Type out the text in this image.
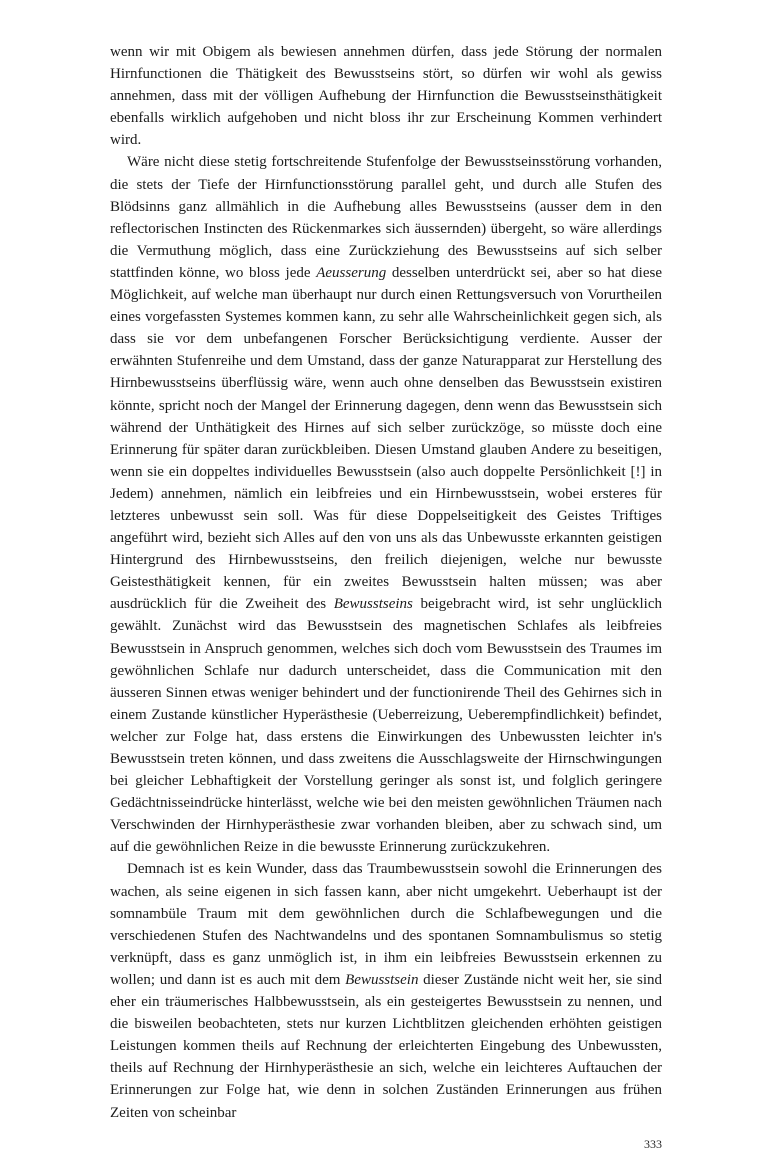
wenn wir mit Obigem als bewiesen annehmen dürfen, dass jede Störung der normalen Hirnfunctionen die Thätigkeit des Bewusstseins stört, so dürfen wir wohl als gewiss annehmen, dass mit der völligen Aufhebung der Hirnfunction die Bewusstseinsthätigkeit ebenfalls wirklich aufgehoben und nicht bloss ihr zur Erscheinung Kommen verhindert wird.

Wäre nicht diese stetig fortschreitende Stufenfolge der Bewusstseinsstörung vorhanden, die stets der Tiefe der Hirnfunctionsstörung parallel geht, und durch alle Stufen des Blödsinns ganz allmählich in die Aufhebung alles Bewusstseins (ausser dem in den reflectorischen Instincten des Rückenmarkes sich äussernden) übergeht, so wäre allerdings die Vermuthung möglich, dass eine Zurückziehung des Bewusstseins auf sich selber stattfinden könne, wo bloss jede Aeusserung desselben unterdrückt sei, aber so hat diese Möglichkeit, auf welche man überhaupt nur durch einen Rettungsversuch von Vorurtheilen eines vorgefassten Systemes kommen kann, zu sehr alle Wahrscheinlichkeit gegen sich, als dass sie vor dem unbefangenen Forscher Berücksichtigung verdiente. Ausser der erwähnten Stufenreihe und dem Umstand, dass der ganze Naturapparat zur Herstellung des Hirnbewusstseins überflüssig wäre, wenn auch ohne denselben das Bewusstsein existiren könnte, spricht noch der Mangel der Erinnerung dagegen, denn wenn das Bewusstsein sich während der Unthätigkeit des Hirnes auf sich selber zurückzöge, so müsste doch eine Erinnerung für später daran zurückbleiben. Diesen Umstand glauben Andere zu beseitigen, wenn sie ein doppeltes individuelles Bewusstsein (also auch doppelte Persönlichkeit [!] in Jedem) annehmen, nämlich ein leibfreies und ein Hirnbewusstsein, wobei ersteres für letzteres unbewusst sein soll. Was für diese Doppelseitigkeit des Geistes Triftiges angeführt wird, bezieht sich Alles auf den von uns als das Unbewusste erkannten geistigen Hintergrund des Hirnbewusstseins, den freilich diejenigen, welche nur bewusste Geistesthätigkeit kennen, für ein zweites Bewusstsein halten müssen; was aber ausdrücklich für die Zweiheit des Bewusstseins beigebracht wird, ist sehr unglücklich gewählt. Zunächst wird das Bewusstsein des magnetischen Schlafes als leibfreies Bewusstsein in Anspruch genommen, welches sich doch vom Bewusstsein des Traumes im gewöhnlichen Schlafe nur dadurch unterscheidet, dass die Communication mit den äusseren Sinnen etwas weniger behindert und der functionirende Theil des Gehirnes sich in einem Zustande künstlicher Hyperästhesie (Ueberreizung, Ueberempfindlichkeit) befindet, welcher zur Folge hat, dass erstens die Einwirkungen des Unbewussten leichter in's Bewusstsein treten können, und dass zweitens die Ausschlagsweite der Hirnschwingungen bei gleicher Lebhaftigkeit der Vorstellung geringer als sonst ist, und folglich geringere Gedächtnisseindrücke hinterlässt, welche wie bei den meisten gewöhnlichen Träumen nach Verschwinden der Hirnhyperästhesie zwar vorhanden bleiben, aber zu schwach sind, um auf die gewöhnlichen Reize in die bewusste Erinnerung zurückzukehren.

Demnach ist es kein Wunder, dass das Traumbewusstsein sowohl die Erinnerungen des wachen, als seine eigenen in sich fassen kann, aber nicht umgekehrt. Ueberhaupt ist der somnambüle Traum mit dem gewöhnlichen durch die Schlafbewegungen und die verschiedenen Stufen des Nachtwandelns und des spontanen Somnambulismus so stetig verknüpft, dass es ganz unmöglich ist, in ihm ein leibfreies Bewusstsein erkennen zu wollen; und dann ist es auch mit dem Bewusstsein dieser Zustände nicht weit her, sie sind eher ein träumerisches Halbbewusstsein, als ein gesteigertes Bewusstsein zu nennen, und die bisweilen beobachteten, stets nur kurzen Lichtblitzen gleichenden erhöhten geistigen Leistungen kommen theils auf Rechnung der erleichterten Eingebung des Unbewussten, theils auf Rechnung der Hirnhyperästhesie an sich, welche ein leichteres Auftauchen der Erinnerungen zur Folge hat, wie denn in solchen Zuständen Erinnerungen aus frühen Zeiten von scheinbar

333
